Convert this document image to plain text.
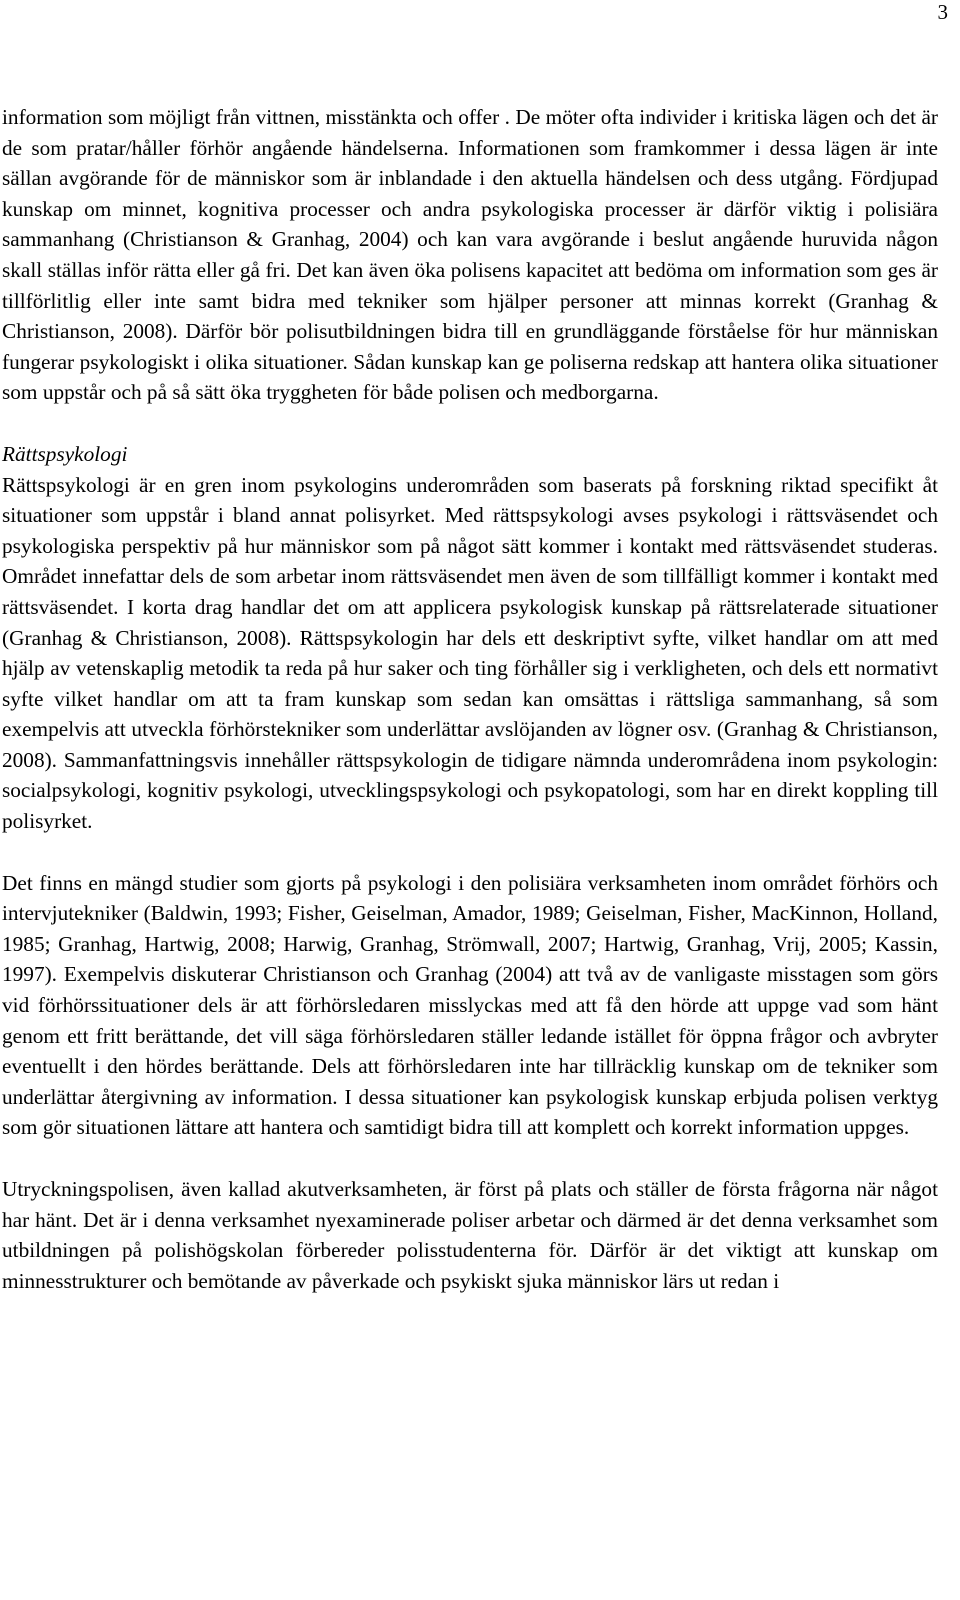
3

information som möjligt från vittnen, misstänkta och offer . De möter ofta individer i kritiska lägen och det är de som pratar/håller förhör angående händelserna. Informationen som framkommer i dessa lägen är inte sällan avgörande för de människor som är inblandade i den aktuella händelsen och dess utgång. Fördjupad kunskap om minnet, kognitiva processer och andra psykologiska processer är därför viktig i polisiära sammanhang (Christianson & Granhag, 2004) och kan vara avgörande i beslut angående huruvida någon skall ställas inför rätta eller gå fri. Det kan även öka polisens kapacitet att bedöma om information som ges är tillförlitlig eller inte samt bidra med tekniker som hjälper personer att minnas korrekt (Granhag & Christianson, 2008). Därför bör polisutbildningen bidra till en grundläggande förståelse för hur människan fungerar psykologiskt i olika situationer. Sådan kunskap kan ge poliserna redskap att hantera olika situationer som uppstår och på så sätt öka tryggheten för både polisen och medborgarna.

Rättspsykologi

Rättspsykologi är en gren inom psykologins underområden som baserats på forskning riktad specifikt åt situationer som uppstår i bland annat polisyrket. Med rättspsykologi avses psykologi i rättsväsendet och psykologiska perspektiv på hur människor som på något sätt kommer i kontakt med rättsväsendet studeras. Området innefattar dels de som arbetar inom rättsväsendet men även de som tillfälligt kommer i kontakt med rättsväsendet. I korta drag handlar det om att applicera psykologisk kunskap på rättsrelaterade situationer (Granhag & Christianson, 2008). Rättspsykologin har dels ett deskriptivt syfte, vilket handlar om att med hjälp av vetenskaplig metodik ta reda på hur saker och ting förhåller sig i verkligheten, och dels ett normativt syfte vilket handlar om att ta fram kunskap som sedan kan omsättas i rättsliga sammanhang, så som exempelvis att utveckla förhörstekniker som underlättar avslöjanden av lögner osv. (Granhag & Christianson, 2008). Sammanfattningsvis innehåller rättspsykologin de tidigare nämnda underområdena inom psykologin: socialpsykologi, kognitiv psykologi, utvecklingspsykologi och psykopatologi, som har en direkt koppling till polisyrket.

Det finns en mängd studier som gjorts på psykologi i den polisiära verksamheten inom området förhörs och intervjutekniker (Baldwin, 1993; Fisher, Geiselman, Amador, 1989; Geiselman, Fisher, MacKinnon, Holland, 1985; Granhag, Hartwig, 2008; Harwig, Granhag, Strömwall, 2007; Hartwig, Granhag, Vrij, 2005; Kassin, 1997). Exempelvis diskuterar Christianson och Granhag (2004) att två av de vanligaste misstagen som görs vid förhörssituationer dels är att förhörsledaren misslyckas med att få den hörde att uppge vad som hänt genom ett fritt berättande, det vill säga förhörsledaren ställer ledande istället för öppna frågor och avbryter eventuellt i den hördes berättande. Dels att förhörsledaren inte har tillräcklig kunskap om de tekniker som underlättar återgivning av information. I dessa situationer kan psykologisk kunskap erbjuda polisen verktyg som gör situationen lättare att hantera och samtidigt bidra till att komplett och korrekt information uppges.

Utryckningspolisen, även kallad akutverksamheten, är först på plats och ställer de första frågorna när något har hänt. Det är i denna verksamhet nyexaminerade poliser arbetar och därmed är det denna verksamhet som utbildningen på polishögskolan förbereder polisstudenterna för. Därför är det viktigt att kunskap om minnesstrukturer och bemötande av påverkade och psykiskt sjuka människor lärs ut redan i
